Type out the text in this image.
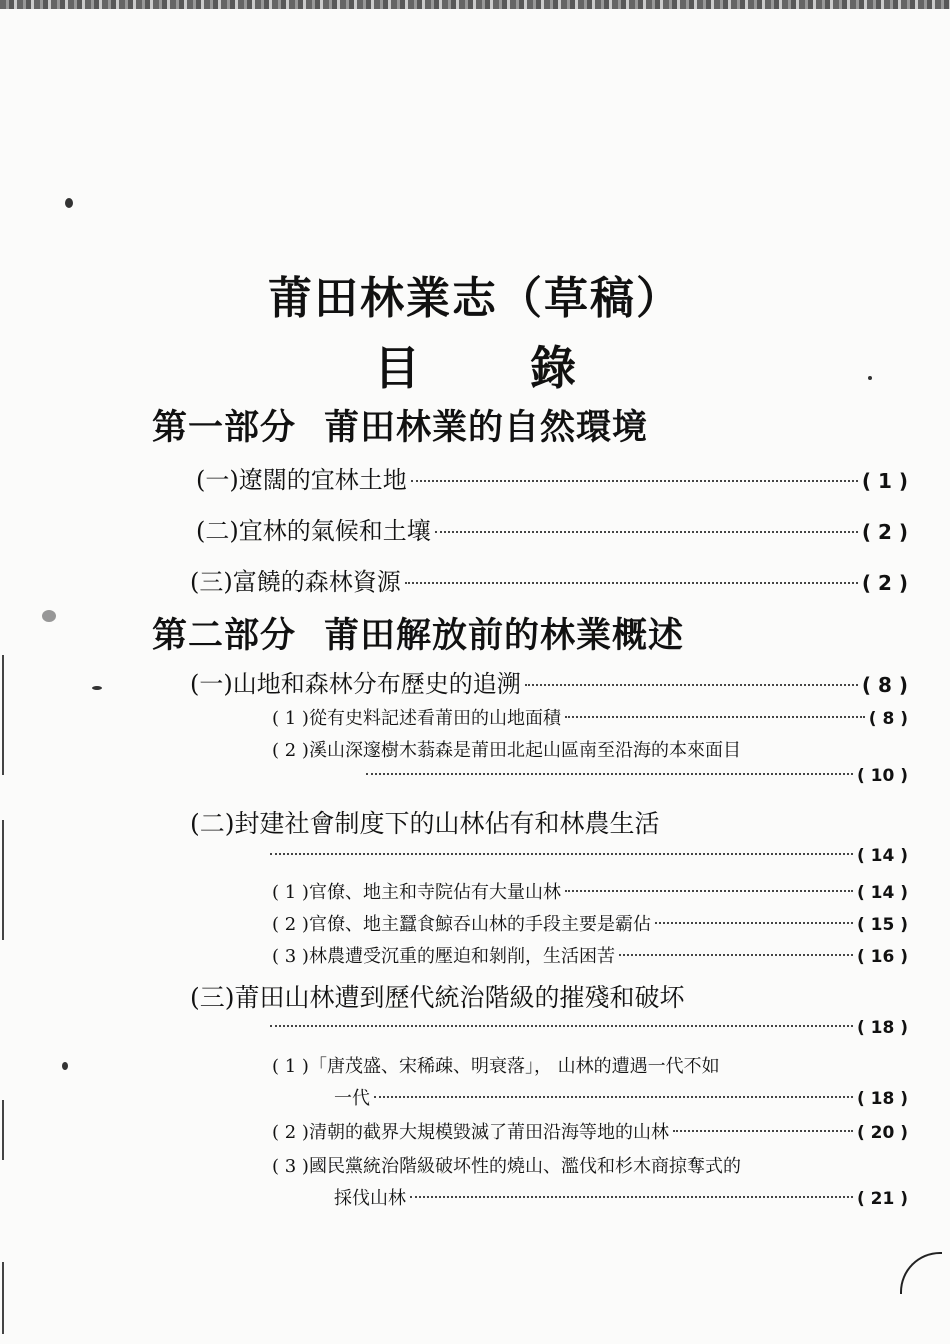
莆田林業志（草稿）
目 錄
第一部分 莆田林業的自然環境
(一)遼闊的宜林土地	( 1 )
(二)宜林的氣候和土壤	( 2 )
(三)富饒的森林資源	( 2 )
第二部分 莆田解放前的林業概述
(一)山地和森林分布歷史的追溯	( 8 )
( 1 )從有史料記述看莆田的山地面積	( 8 )
( 2 )溪山深邃樹木蓊森是莆田北起山區南至沿海的本來面目
( 10 )
(二)封建社會制度下的山林佔有和林農生活
( 14 )
( 1 )官僚、地主和寺院佔有大量山林	( 14 )
( 2 )官僚、地主蠶食鯨吞山林的手段主要是霸佔	( 15 )
( 3 )林農遭受沉重的壓迫和剝削，生活困苦	( 16 )
(三)莆田山林遭到歷代統治階級的摧殘和破坏
( 18 )
( 1 )「唐茂盛、宋稀疎、明衰落」， 山林的遭遇一代不如
一代	( 18 )
( 2 )清朝的截界大規模毀滅了莆田沿海等地的山林	( 20 )
( 3 )國民黨統治階級破坏性的燒山、濫伐和杉木商掠奪式的
採伐山林	( 21 )
